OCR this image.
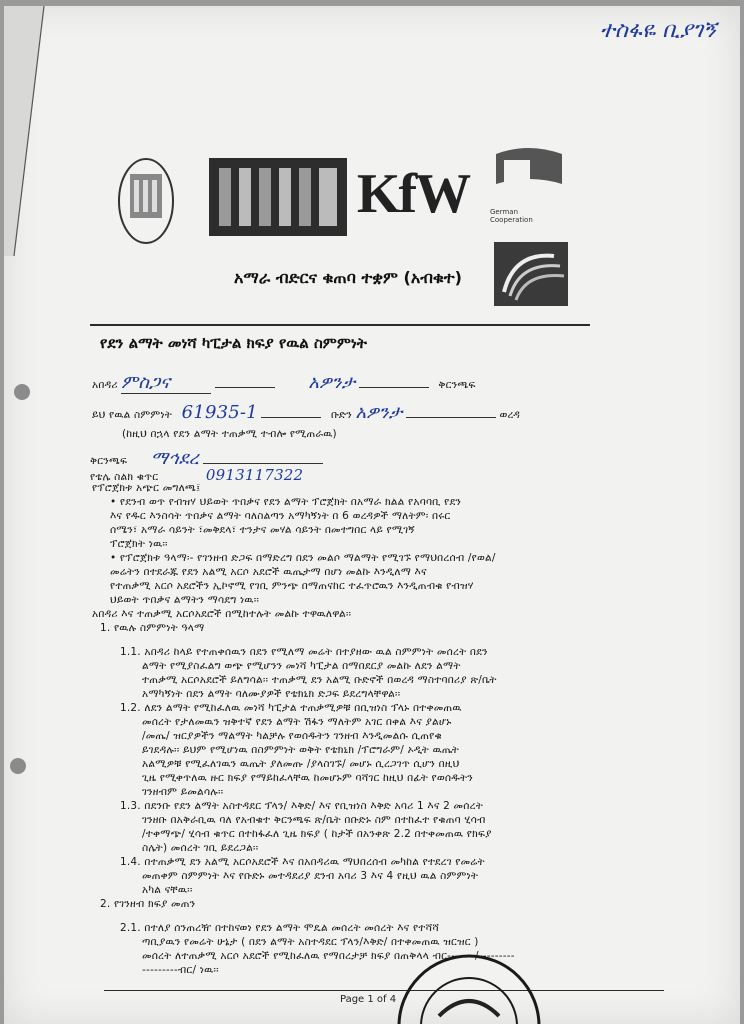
ተስፋዬ ቢያገኝ
KfW	German Cooperation
አማራ ብድርና ቁጠባ ተቋም (አብቁተ)
የደን ልማት መነሻ ካፒታል ክፍያ የዉል ስምምነት
አበዳሪ ምስጋና	አዎንታ	ቅርንጫፍ
ይህ የዉል ስምምነት 61935-1	ቡድን አዎንታ	ወረዳ
(ከዚህ በኋላ የደን ልማት ተጠቃሚ ተብሎ የሚጠራዉ)
ቅርንጫፍ ማኅደረ
የቴሌ ስልክ ቁጥር	0913117322
የፕሮጀክቱ አጭር መግለጫ፤
• የደንብ ወጥ የብዝሃ ህይወት ጥበቃና የደን ልማት ፕሮጀክት በአማራ ክልል የአባባቢ የደን
እና የዱር እንስሳት ጥበቃና ልማት ባለስልጣን አማካኝነት በ 6 ወረዳዎች ማለትም፡ በሩር
ሰሜን፣ አማራ ሳይንት ፣መቅደላ፣ ተንታና መሃል ሳይንት በመተግበር ላይ የሚገኝ
ፕሮጀክት ነዉ፡፡
• የፕሮጀክቱ ዓላማ፡- የገንዘብ ድጋፍ በማድረግ በደን መልሶ ማልማት የሚገኙ የማህበረሰብ /የወል/
መሬትን በተደራጁ የደን አልሚ አርሶ አደሮች ዉጤታማ በሆነ መልኩ እንዲለማ እና
የተጠቃሚ አርሶ አደሮችን ኢኮኖሚ የገቢ ምንጭ በማጠናከር ተፈጥሮዉን እንዲጠብቁ የብዝሃ
ህይወት ጥበቃና ልማትን ማሳደግ ነዉ፡፡
አበዳሪ እና ተጠቃሚ አርሶአደሮች በሚከተሉት መልኩ ተዋዉለዋል፡፡
1. የዉሉ ስምምነት ዓላማ
1.1. አበዳሪ ከላይ የተጠቀሰዉን በደን የሚለማ መሬት በተያዘው ዉል ስምምነት መሰረት በደን
ልማት የሚያስፈልግ ወጭ የሚሆንን መነሻ ካፒታል በማበደርያ መልኩ ለደን ልማት
ተጠቃሚ አርሶአደሮች ይለግሳል፡፡ ተጠቃሚ ደን አልሚ ቡድኖች በወረዳ ማስተባበሪያ ጽ/ቤት
አማካኝነት በደን ልማት ባለሙያዎች የቴክኒክ ድጋፍ ይደረግላቸዋል፡፡
1.2. ለደን ልማት የሚከፈለዉ መነሻ ካፒታል ተጠቃሚዎቹ በቢዝነስ ፕላኑ በተቀመጠዉ
መሰረት የታለመዉን ዝቅተኛ የደን ልማት ሽፋን ማለትም አገር በቀል እና ያልሆኑ
/መጤ/ ዝርያዎችን ማልማት ካልቻሉ የወሰዱትን ገንዘብ እንዲመልሱ ሲጠየቁ
ይገደዳሉ፡፡ ይህም የሚሆነዉ በስምምነት ወቅት የቴክኒክ /ፕሮግራም/ ኦዲት ዉጤት
አልሚዎቹ የሚፈለገዉን ዉጤት ያለመጡ /ያላስገኙ/ መሆኑ ሲረጋገጥ ሲሆን በዚህ
ጊዜ የሚቀጥለዉ ዙር ክፍያ የማይከፈላቸዉ ከመሆኑም ባሻገር ከዚህ በፊት የወሰዱትን
ገንዘብም ይመልሳሉ፡፡
1.3. በደንቡ የደን ልማት አስተዳደር ፕላን/ እቅድ/ እና የቢዝነስ እቅድ አባሪ 1 እና 2 መሰረት
ገንዘቡ በአቅራቢዉ ባለ የአብቁተ ቅርንጫፍ ጽ/ቤት በቡድኑ ስም በተከፈተ የቁጠባ ሂሳብ
/ተቀማጭ/ ሂሳብ ቁጥር በተከፋፈለ ጊዜ ክፍያ ( ከታች በአንቀጽ 2.2 በተቀመጠዉ የክፍያ
ስሌት) መሰረት ገቢ ይደረጋል፡፡
1.4. በተጠቃሚ ደን አልሚ አርሶአደሮች እና በአበዳሪዉ ማህበረሰብ መካከል የተደረገ የመሬት
መጠቀም ስምምነት እና የቡድኑ መተዳደሪያ ደንብ አባሪ 3 እና 4 የዚህ ዉል ስምምነት
አካል ናቸዉ፡፡
2. የገንዘብ ክፍያ መጠን
2.1. በተለያ ሰንጠረዥ በተከናወነ የደን ልማት ሞዴል መሰረት መሰረት እና የተሻሻ
ጣቢያዉን የመሬት ሁኔታ ( በደን ልማት አስተዳደር ፕላን/እቅድ/ በተቀመጠዉ ዝርዝር )
መሰረት ለተጠቃሚ አርሶ አደሮች የሚከፈለዉ የማበረታቻ ክፍያ በጠቅላላ ብር-------/---------
---------ብር/ ነዉ፡፡
Page 1 of 4
